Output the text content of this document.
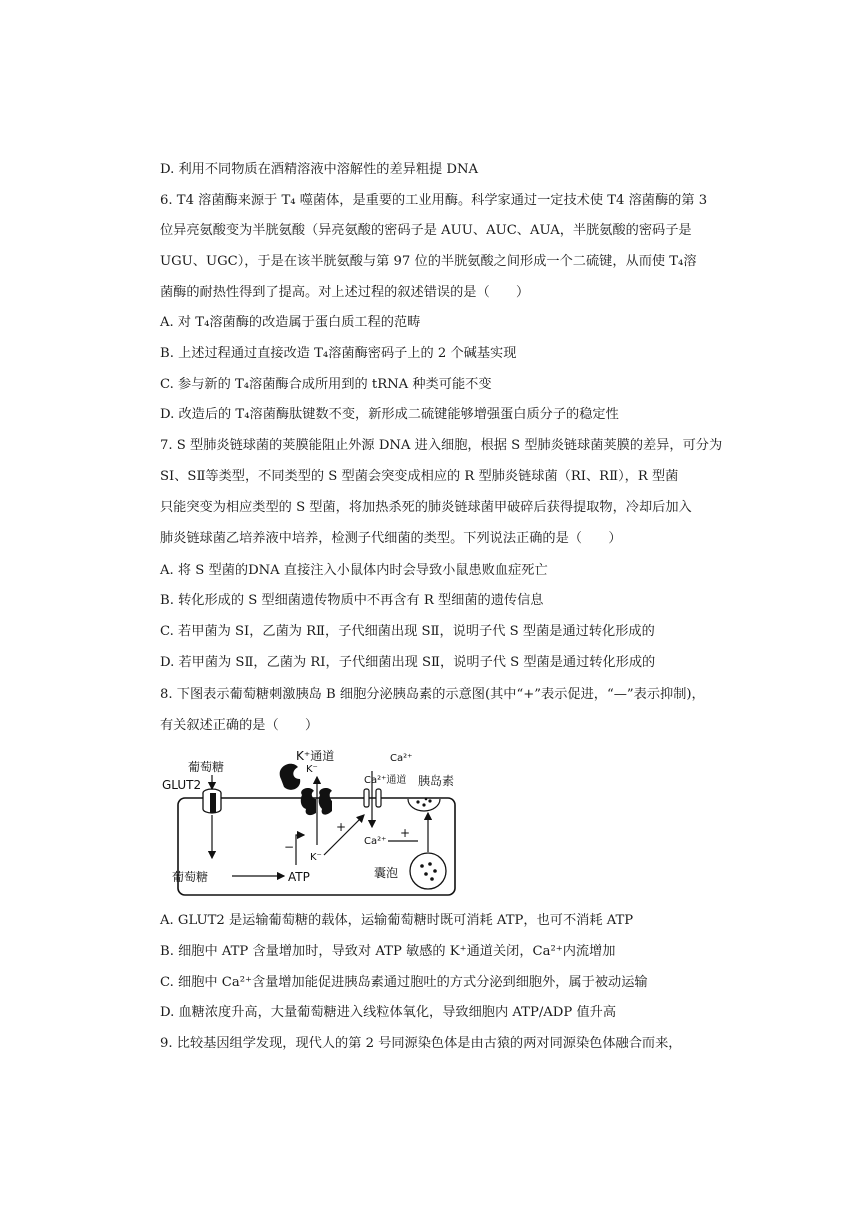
D. 利用不同物质在酒精溶液中溶解性的差异粗提 DNA
6. T4 溶菌酶来源于 T₄ 噬菌体，是重要的工业用酶。科学家通过一定技术使 T4 溶菌酶的第 3
位异亮氨酸变为半胱氨酸（异亮氨酸的密码子是 AUU、AUC、AUA，半胱氨酸的密码子是
UGU、UGC），于是在该半胱氨酸与第 97 位的半胱氨酸之间形成一个二硫键，从而使 T₄溶
菌酶的耐热性得到了提高。对上述过程的叙述错误的是（　　）
A. 对 T₄溶菌酶的改造属于蛋白质工程的范畴
B. 上述过程通过直接改造 T₄溶菌酶密码子上的 2 个碱基实现
C. 参与新的 T₄溶菌酶合成所用到的 tRNA 种类可能不变
D. 改造后的 T₄溶菌酶肽键数不变，新形成二硫键能够增强蛋白质分子的稳定性
7. S 型肺炎链球菌的荚膜能阻止外源 DNA 进入细胞，根据 S 型肺炎链球菌荚膜的差异，可分为
SⅠ、SⅡ等类型，不同类型的 S 型菌会突变成相应的 R 型肺炎链球菌（RⅠ、RⅡ），R 型菌
只能突变为相应类型的 S 型菌，将加热杀死的肺炎链球菌甲破碎后获得提取物，冷却后加入
肺炎链球菌乙培养液中培养，检测子代细菌的类型。下列说法正确的是（　　）
A. 将 S 型菌的DNA 直接注入小鼠体内时会导致小鼠患败血症死亡
B. 转化形成的 S 型细菌遗传物质中不再含有 R 型细菌的遗传信息
C. 若甲菌为 SⅠ，乙菌为 RⅡ，子代细菌出现 SⅡ，说明子代 S 型菌是通过转化形成的
D. 若甲菌为 SⅡ，乙菌为 RⅠ，子代细菌出现 SⅡ，说明子代 S 型菌是通过转化形成的
8. 下图表示葡萄糖刺激胰岛 B 细胞分泌胰岛素的示意图(其中“+”表示促进，“—”表示抑制)，
有关叙述正确的是（　　）
葡萄糖
GLUT2
K⁺通道
K⁻
Ca²⁺
Ca²⁺通道 胰岛素
葡萄糖	ATP
K⁻
Ca²⁺
囊泡
−
+	+
A. GLUT2 是运输葡萄糖的载体，运输葡萄糖时既可消耗 ATP，也可不消耗 ATP
B. 细胞中 ATP 含量增加时，导致对 ATP 敏感的 K⁺通道关闭，Ca²⁺内流增加
C. 细胞中 Ca²⁺含量增加能促进胰岛素通过胞吐的方式分泌到细胞外，属于被动运输
D. 血糖浓度升高，大量葡萄糖进入线粒体氧化，导致细胞内 ATP/ADP 值升高
9. 比较基因组学发现，现代人的第 2 号同源染色体是由古猿的两对同源染色体融合而来，
